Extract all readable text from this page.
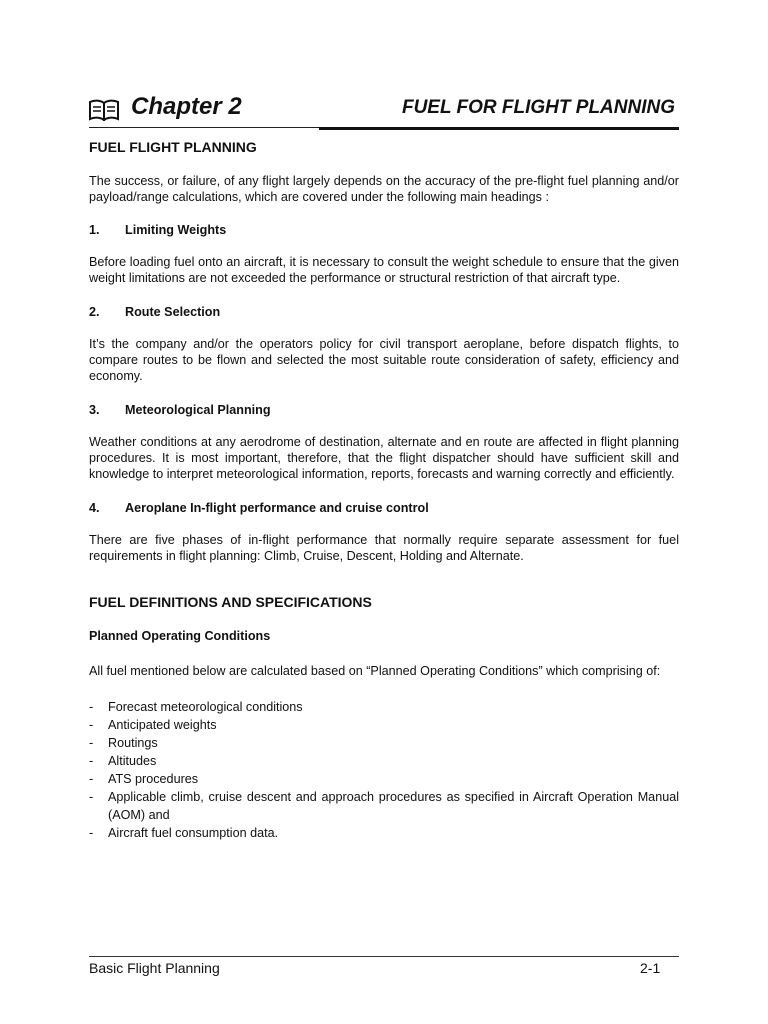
Chapter 2	FUEL FOR FLIGHT PLANNING
FUEL FLIGHT PLANNING

The success, or failure, of any flight largely depends on the accuracy of the pre-flight fuel planning and/or payload/range calculations, which are covered under the following main headings :

1.	Limiting Weights

Before loading fuel onto an aircraft, it is necessary to consult the weight schedule to ensure that the given weight limitations are not exceeded the performance or structural restriction of that aircraft type.

2.	Route Selection

It’s the company and/or the operators policy for civil transport aeroplane, before dispatch flights, to compare routes to be flown and selected the most suitable route consideration of safety, efficiency and economy.

3.	Meteorological Planning

Weather conditions at any aerodrome of destination, alternate and en route are affected in flight planning procedures. It is most important, therefore, that the flight dispatcher should have sufficient skill and knowledge to interpret meteorological information, reports, forecasts and warning correctly and efficiently.

4.	Aeroplane In-flight performance and cruise control

There are five phases of in-flight performance that normally require separate assessment for fuel requirements in flight planning: Climb, Cruise, Descent, Holding and Alternate.

FUEL DEFINITIONS AND SPECIFICATIONS
Planned Operating Conditions

All fuel mentioned below are calculated based on “Planned Operating Conditions” which comprising of:

-	Forecast meteorological conditions
-	Anticipated weights
-	Routings
-	Altitudes
-	ATS procedures
-	Applicable climb, cruise descent and approach procedures as specified in Aircraft Operation Manual (AOM) and
-	Aircraft fuel consumption data.
Basic Flight Planning	2-1
